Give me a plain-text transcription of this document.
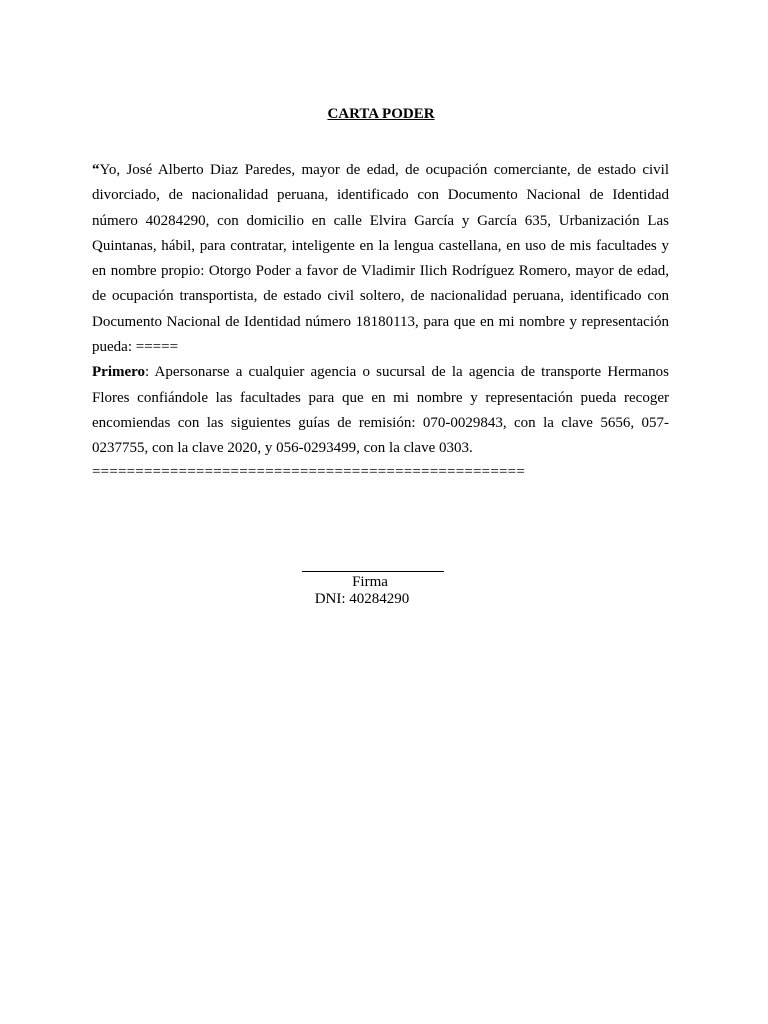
CARTA PODER

“Yo, José Alberto Diaz Paredes, mayor de edad, de ocupación comerciante, de estado civil divorciado, de nacionalidad peruana, identificado con Documento Nacional de Identidad número 40284290, con domicilio en calle Elvira García y García 635, Urbanización Las Quintanas, hábil, para contratar, inteligente en la lengua castellana, en uso de mis facultades y en nombre propio: Otorgo Poder a favor de Vladimir Ilich Rodríguez Romero, mayor de edad, de ocupación transportista, de estado civil soltero, de nacionalidad peruana, identificado con Documento Nacional de Identidad número 18180113, para que en mi nombre y representación pueda: =====

Primero: Apersonarse a cualquier agencia o sucursal de la agencia de transporte Hermanos Flores confiándole las facultades para que en mi nombre y representación pueda recoger encomiendas con las siguientes guías de remisión: 070-0029843, con la clave 5656, 057-0237755, con la clave 2020, y 056-0293499, con la clave 0303.

==================================================
Firma
DNI: 40284290
